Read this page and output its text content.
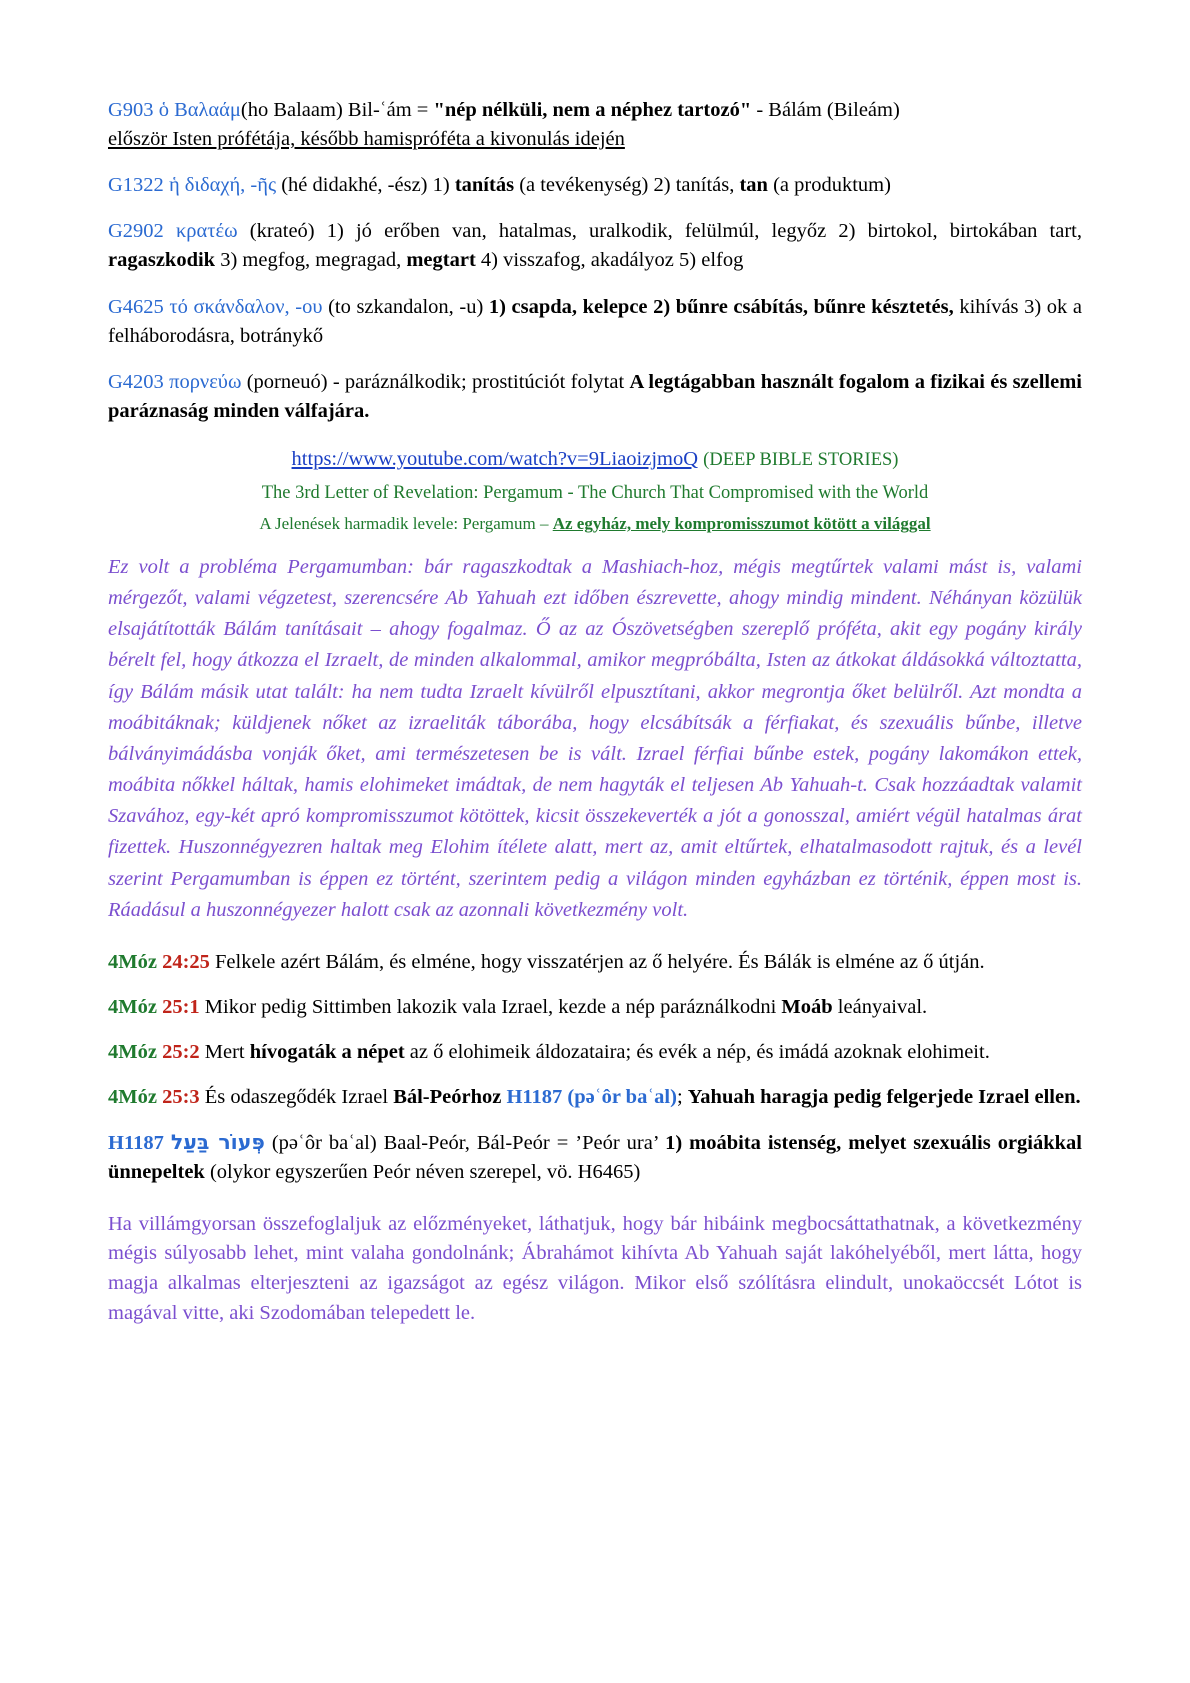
G903 ὁ Βαλαάμ(ho Balaam) Bil-ʿám = "nép nélküli, nem a néphez tartozó" - Bálám (Bileám)
először Isten prófétája, később hamispróféta a kivonulás idején

G1322 ἡ διδαχή, -ῆς (hé didakhé, -ész) 1) tanítás (a tevékenység) 2) tanítás, tan (a produktum)

G2902 κρατέω (krateó) 1) jó erőben van, hatalmas, uralkodik, felülmúl, legyőz 2) birtokol, birtokában tart, ragaszkodik 3) megfog, megragad, megtart 4) visszafog, akadályoz 5) elfog

G4625 τό σκάνδαλον, -ου (to szkandalon, -u) 1) csapda, kelepce 2) bűnre csábítás, bűnre késztetés, kihívás 3) ok a felháborodásra, botránykő

G4203 πορνεύω (porneuó) - paráználkodik; prostitúciót folytat A legtágabban használt fogalom a fizikai és szellemi paráznaság minden válfajára.

https://www.youtube.com/watch?v=9LiaoizjmoQ (DEEP BIBLE STORIES)
The 3rd Letter of Revelation: Pergamum - The Church That Compromised with the World
A Jelenések harmadik levele: Pergamum – Az egyház, mely kompromisszumot kötött a világgal

Ez volt a probléma Pergamumban: bár ragaszkodtak a Mashiach-hoz, mégis megtűrtek valami mást is, valami mérgezőt, valami végzetest, szerencsére Ab Yahuah ezt időben észrevette, ahogy mindig mindent. Néhányan közülük elsajátították Bálám tanításait – ahogy fogalmaz. Ő az az Ószövetségben szereplő próféta, akit egy pogány király bérelt fel, hogy átkozza el Izraelt, de minden alkalommal, amikor megpróbálta, Isten az átkokat áldásokká változtatta, így Bálám másik utat talált: ha nem tudta Izraelt kívülről elpusztítani, akkor megrontja őket belülről. Azt mondta a moábitáknak; küldjenek nőket az izraeliták táborába, hogy elcsábítsák a férfiakat, és szexuális bűnbe, illetve bálványimádásba vonják őket, ami természetesen be is vált. Izrael férfiai bűnbe estek, pogány lakomákon ettek, moábita nőkkel háltak, hamis elohimeket imádtak, de nem hagyták el teljesen Ab Yahuah-t. Csak hozzáadtak valamit Szavához, egy-két apró kompromisszumot kötöttek, kicsit összekeverték a jót a gonosszal, amiért végül hatalmas árat fizettek. Huszonnégyezren haltak meg Elohim ítélete alatt, mert az, amit eltűrtek, elhatalmasodott rajtuk, és a levél szerint Pergamumban is éppen ez történt, szerintem pedig a világon minden egyházban ez történik, éppen most is. Ráadásul a huszonnégyezer halott csak az azonnali következmény volt.

4Móz 24:25 Felkele azért Bálám, és elméne, hogy visszatérjen az ő helyére. És Bálák is elméne az ő útján.

4Móz 25:1 Mikor pedig Sittimben lakozik vala Izrael, kezde a nép paráználkodni Moáb leányaival.

4Móz 25:2 Mert hívogaták a népet az ő elohimeik áldozataira; és evék a nép, és imádá azoknak elohimeit.

4Móz 25:3 És odaszegődék Izrael Bál-Peórhoz H1187 (pəʿôr baʿal); Yahuah haragja pedig felgerjede Izrael ellen.

H1187 פְּעוֹר בַּעַל (pəʿôr baʿal) Baal-Peór, Bál-Peór = ’Peór ura’ 1) moábita istenség, melyet szexuális orgiákkal ünnepeltek (olykor egyszerűen Peór néven szerepel, vö. H6465)

Ha villámgyorsan összefoglaljuk az előzményeket, láthatjuk, hogy bár hibáink megbocsáttathatnak, a következmény mégis súlyosabb lehet, mint valaha gondolnánk; Ábrahámot kihívta Ab Yahuah saját lakóhelyéből, mert látta, hogy magja alkalmas elterjeszteni az igazságot az egész világon. Mikor első szólításra elindult, unokaöccsét Lótot is magával vitte, aki Szodomában telepedett le.
